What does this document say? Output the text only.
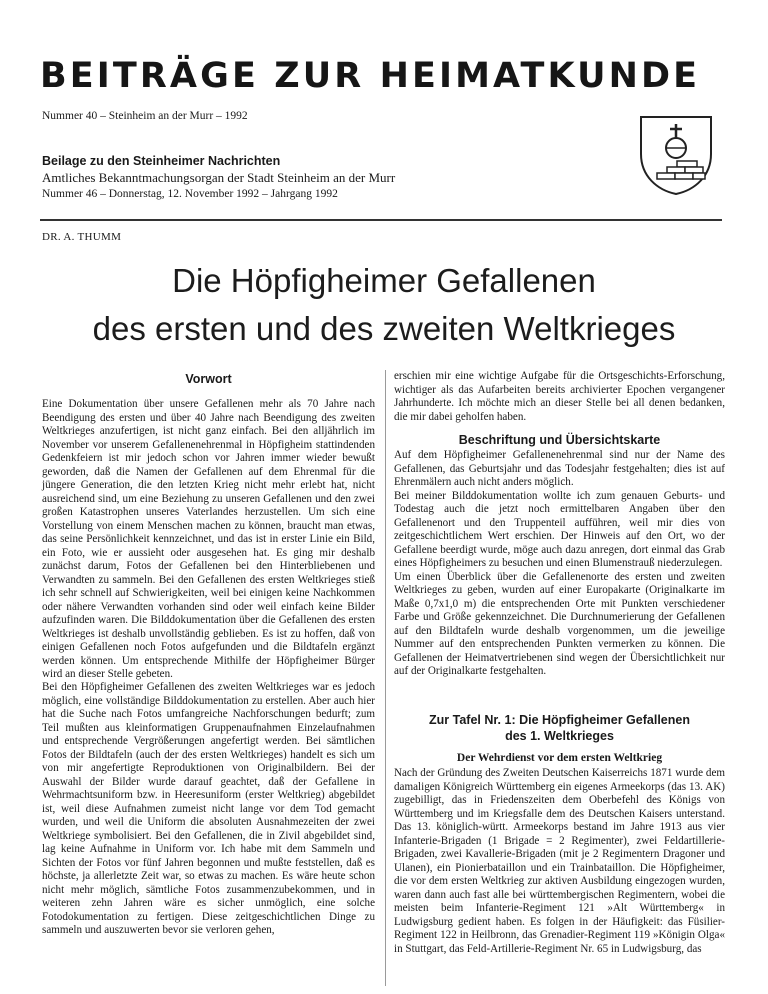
BEITRÄGE ZUR HEIMATKUNDE
Nummer 40 – Steinheim an der Murr – 1992
Beilage zu den Steinheimer Nachrichten
Amtliches Bekanntmachungsorgan der Stadt Steinheim an der Murr
Nummer 46 – Donnerstag, 12. November 1992 – Jahrgang 1992
DR. A. THUMM
Die Höpfigheimer Gefallenen
des ersten und des zweiten Weltkrieges
Vorwort

Eine Dokumentation über unsere Gefallenen mehr als 70 Jahre nach Beendigung des ersten und über 40 Jahre nach Beendigung des zweiten Weltkrieges anzufertigen, ist nicht ganz einfach. Bei den alljährlich im November vor unserem Gefallenenehrenmal in Höpfigheim stattindenden Gedenkfeiern ist mir jedoch schon vor Jahren immer wieder bewußt geworden, daß die Namen der Gefallenen auf dem Ehrenmal für die jüngere Generation, die den letzten Krieg nicht mehr erlebt hat, nicht ausreichend sind, um eine Beziehung zu unseren Gefallenen und den zwei großen Katastrophen unseres Vaterlandes herzustellen. Um sich eine Vorstellung von einem Menschen machen zu können, braucht man etwas, das seine Persönlichkeit kennzeichnet, und das ist in erster Linie ein Bild, ein Foto, wie er aussieht oder ausgesehen hat. Es ging mir deshalb zunächst darum, Fotos der Gefallenen bei den Hinterbliebenen und Verwandten zu sammeln. Bei den Gefallenen des ersten Weltkrieges stieß ich sehr schnell auf Schwierigkeiten, weil bei einigen keine Nachkommen oder nähere Verwandten vorhanden sind oder weil einfach keine Bilder aufzufinden waren. Die Bilddokumentation über die Gefallenen des ersten Weltkrieges ist deshalb unvollständig geblieben. Es ist zu hoffen, daß von einigen Gefallenen noch Fotos aufgefunden und die Bildtafeln ergänzt werden können. Um entsprechende Mithilfe der Höpfigheimer Bürger wird an dieser Stelle gebeten.

Bei den Höpfigheimer Gefallenen des zweiten Weltkrieges war es jedoch möglich, eine vollständige Bilddokumentation zu erstellen. Aber auch hier hat die Suche nach Fotos umfangreiche Nachforschungen bedurft; zum Teil mußten aus kleinformatigen Gruppenaufnahmen Einzelaufnahmen und entsprechende Vergrößerungen angefertigt werden. Bei sämtlichen Fotos der Bildtafeln (auch der des ersten Weltkrieges) handelt es sich um von mir angefertigte Reproduktionen von Originalbildern. Bei der Auswahl der Bilder wurde darauf geachtet, daß der Gefallene in Wehrmachtsuniform bzw. in Heeresuniform (erster Weltkrieg) abgebildet ist, weil diese Aufnahmen zumeist nicht lange vor dem Tod gemacht wurden, und weil die Uniform die absoluten Ausnahmezeiten der zwei Weltkriege symbolisiert. Bei den Gefallenen, die in Zivil abgebildet sind, lag keine Aufnahme in Uniform vor. Ich habe mit dem Sammeln und Sichten der Fotos vor fünf Jahren begonnen und mußte feststellen, daß es höchste, ja allerletzte Zeit war, so etwas zu machen. Es wäre heute schon nicht mehr möglich, sämtliche Fotos zusammenzubekommen, und in weiteren zehn Jahren wäre es sicher unmöglich, eine solche Fotodokumentation zu fertigen. Diese zeitgeschichtlichen Dinge zu sammeln und auszuwerten bevor sie verloren gehen,

erschien mir eine wichtige Aufgabe für die Ortsgeschichts-Erforschung, wichtiger als das Aufarbeiten bereits archivierter Epochen vergangener Jahrhunderte. Ich möchte mich an dieser Stelle bei all denen bedanken, die mir dabei geholfen haben.

Beschriftung und Übersichtskarte

Auf dem Höpfigheimer Gefallenenehrenmal sind nur der Name des Gefallenen, das Geburtsjahr und das Todesjahr festgehalten; dies ist auf Ehrenmälern auch nicht anders möglich.

Bei meiner Bilddokumentation wollte ich zum genauen Geburts- und Todestag auch die jetzt noch ermittelbaren Angaben über den Gefallenenort und den Truppenteil aufführen, weil mir dies von zeitgeschichtlichem Wert erschien. Der Hinweis auf den Ort, wo der Gefallene beerdigt wurde, möge auch dazu anregen, dort einmal das Grab eines Höpfigheimers zu besuchen und einen Blumenstrauß niederzulegen.

Um einen Überblick über die Gefallenenorte des ersten und zweiten Weltkrieges zu geben, wurden auf einer Europakarte (Originalkarte im Maße 0,7x1,0 m) die entsprechenden Orte mit Punkten verschiedener Farbe und Größe gekennzeichnet. Die Durchnumerierung der Gefallenen auf den Bildtafeln wurde deshalb vorgenommen, um die jeweilige Nummer auf den entsprechenden Punkten vermerken zu können. Die Gefallenen der Heimatvertriebenen sind wegen der Übersichtlichkeit nur auf der Originalkarte festgehalten.

Zur Tafel Nr. 1: Die Höpfigheimer Gefallenen
des 1. Weltkrieges
Der Wehrdienst vor dem ersten Weltkrieg

Nach der Gründung des Zweiten Deutschen Kaiserreichs 1871 wurde dem damaligen Königreich Württemberg ein eigenes Armeekorps (das 13. AK) zugebilligt, das in Friedenszeiten dem Oberbefehl des Königs von Württemberg und im Kriegsfalle dem des Deutschen Kaisers unterstand. Das 13. königlich-württ. Armeekorps bestand im Jahre 1913 aus vier Infanterie-Brigaden (1 Brigade = 2 Regimenter), zwei Feldartillerie-Brigaden, zwei Kavallerie-Brigaden (mit je 2 Regimentern Dragoner und Ulanen), ein Pionierbataillon und ein Trainbataillon. Die Höpfigheimer, die vor dem ersten Weltkrieg zur aktiven Ausbildung eingezogen wurden, waren dann auch fast alle bei württembergischen Regimentern, wobei die meisten beim Infanterie-Regiment 121 »Alt Württemberg« in Ludwigsburg gedient haben. Es folgen in der Häufigkeit: das Füsilier-Regiment 122 in Heilbronn, das Grenadier-Regiment 119 »Königin Olga« in Stuttgart, das Feld-Artillerie-Regiment Nr. 65 in Ludwigsburg, das
